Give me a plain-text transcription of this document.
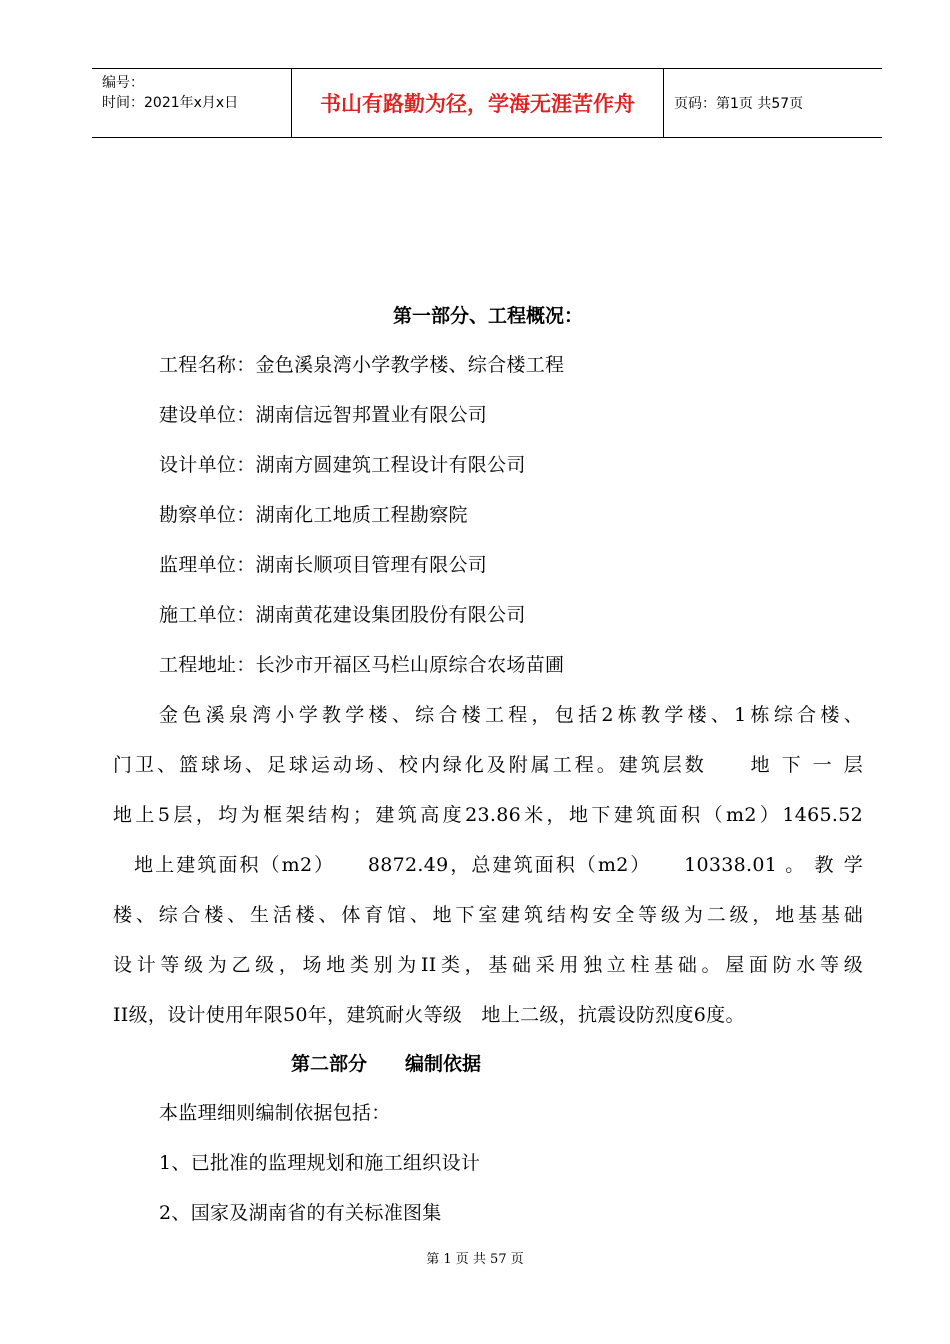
编号：
时间：2021年x月x日	书山有路勤为径，学海无涯苦作舟	页码：第1页 共57页
第一部分、工程概况：
工程名称：金色溪泉湾小学教学楼、综合楼工程
建设单位：湖南信远智邦置业有限公司
设计单位：湖南方圆建筑工程设计有限公司
勘察单位：湖南化工地质工程勘察院
监理单位：湖南长顺项目管理有限公司
施工单位：湖南黄花建设集团股份有限公司
工程地址：长沙市开福区马栏山原综合农场苗圃
金色溪泉湾小学教学楼、综合楼工程，包括2栋教学楼、1栋综合楼、
门卫、篮球场、足球运动场、校内绿化及附属工程。建筑层数　　地 下 一 层
地上5层，均为框架结构；建筑高度23.86米，地下建筑面积（m2）1465.52
　地上建筑面积（m2）　　8872.49，总建筑面积（m2）　　10338.01 。 教 学
楼、综合楼、生活楼、体育馆、地下室建筑结构安全等级为二级，地基基础
设计等级为乙级，场地类别为II类，基础采用独立柱基础。屋面防水等级
II级，设计使用年限50年，建筑耐火等级　地上二级，抗震设防烈度6度。
第二部分 编制依据
本监理细则编制依据包括：
1、已批准的监理规划和施工组织设计
2、国家及湖南省的有关标准图集
第 1 页 共 57 页
